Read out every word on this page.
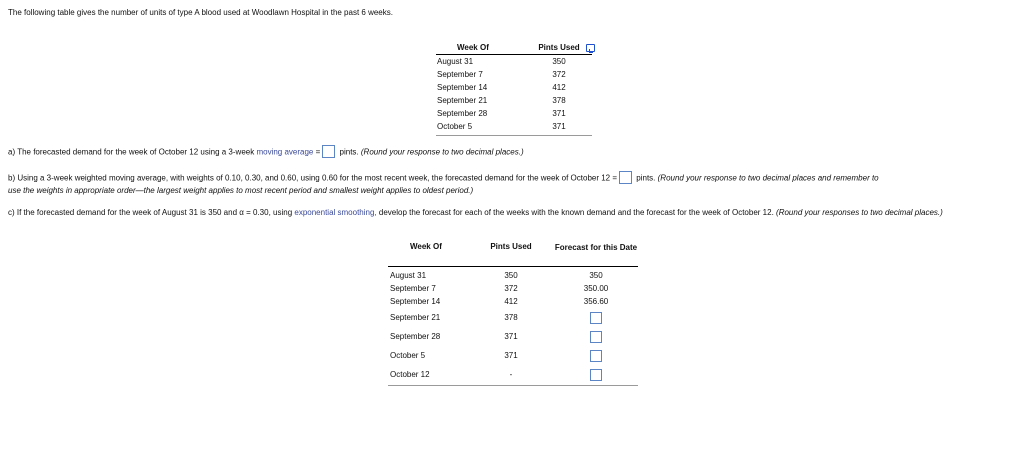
The following table gives the number of units of type A blood used at Woodlawn Hospital in the past 6 weeks.
Week Of	Pints Used
August 31	350
September 7	372
September 14	412
September 21	378
September 28	371
October 5	371
a) The forecasted demand for the week of October 12 using a 3-week moving average = pints. (Round your response to two decimal places.)
b) Using a 3-week weighted moving average, with weights of 0.10, 0.30, and 0.60, using 0.60 for the most recent week, the forecasted demand for the week of October 12 = pints. (Round your response to two decimal places and remember to
use the weights in appropriate order—the largest weight applies to most recent period and smallest weight applies to oldest period.)
c) If the forecasted demand for the week of August 31 is 350 and α = 0.30, using exponential smoothing, develop the forecast for each of the weeks with the known demand and the forecast for the week of October 12. (Round your responses to two decimal places.)
Week Of	Pints Used	Forecast for this Date
August 31	350	350
September 7	372	350.00
September 14	412	356.60
September 21	378
September 28	371
October 5	371
October 12	-
